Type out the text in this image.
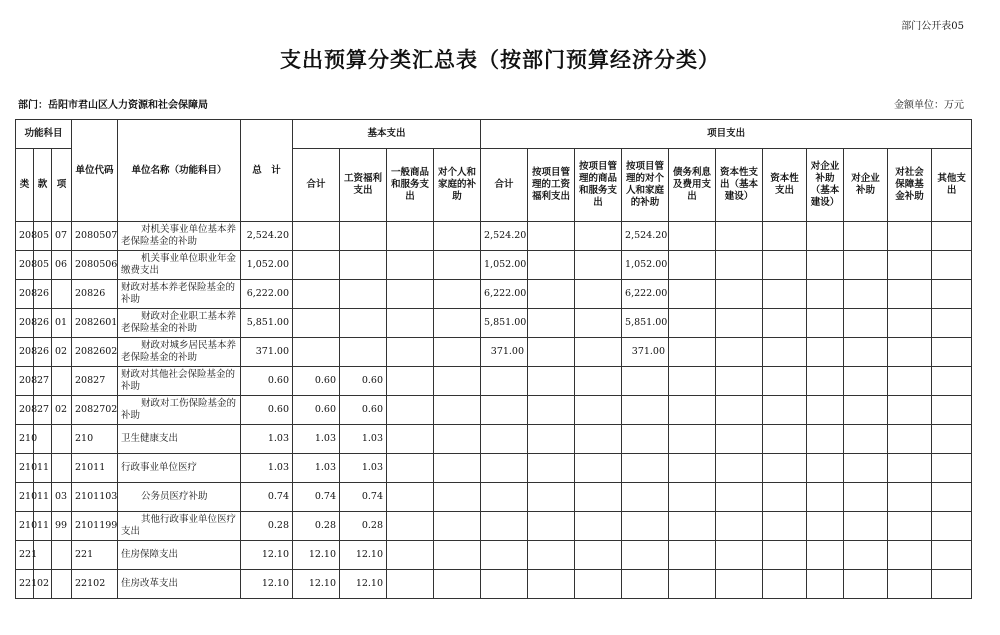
部门公开表05
支出预算分类汇总表（按部门预算经济分类）
部门：岳阳市君山区人力资源和社会保障局	金额单位：万元
功能科目			单位代码	单位名称（功能科目）	总　计	基本支出				项目支出										
类	款	项				合计	工资福利支出	一般商品和服务支出	对个人和家庭的补助	合计	按项目管理的工资福利支出	按项目管理的商品和服务支出	按项目管理的对个人和家庭的补助	债务利息及费用支出	资本性支出（基本建设）	资本性支出	对企业补助（基本建设）	对企业补助	对社会保障基金补助	其他支出
208	05	07	2080507	对机关事业单位基本养老保险基金的补助	2,524.20					2,524.20			2,524.20							
208	05	06	2080506	机关事业单位职业年金缴费支出	1,052.00					1,052.00			1,052.00							
208	26		20826	财政对基本养老保险基金的补助	6,222.00					6,222.00			6,222.00							
208	26	01	2082601	财政对企业职工基本养老保险基金的补助	5,851.00					5,851.00			5,851.00							
208	26	02	2082602	财政对城乡居民基本养老保险基金的补助	371.00					371.00			371.00							
208	27		20827	财政对其他社会保险基金的补助	0.60	0.60	0.60													
208	27	02	2082702	财政对工伤保险基金的补助	0.60	0.60	0.60													
210			210	卫生健康支出	1.03	1.03	1.03													
210	11		21011	行政事业单位医疗	1.03	1.03	1.03													
210	11	03	2101103	公务员医疗补助	0.74	0.74	0.74													
210	11	99	2101199	其他行政事业单位医疗支出	0.28	0.28	0.28													
221			221	住房保障支出	12.10	12.10	12.10													
221	02		22102	住房改革支出	12.10	12.10	12.10													
